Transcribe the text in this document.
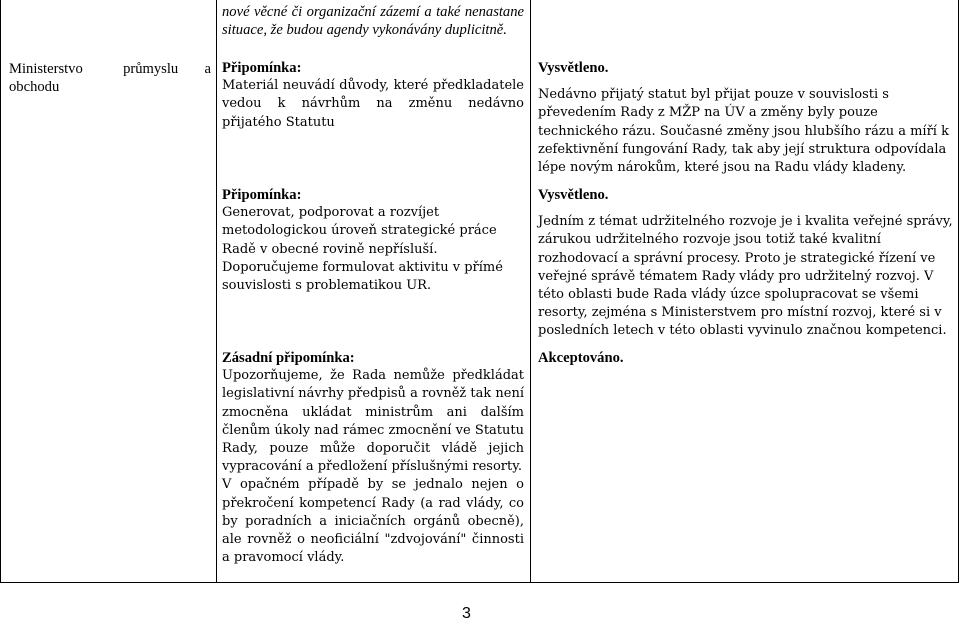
Ministerstvo	průmyslu a
obchodu
nové věcné či organizační zázemí a také nenastane situace, že budou agendy vykonávány duplicitně.

Připomínka:

Materiál neuvádí důvody, které předkladatele vedou k návrhům na změnu nedávno přijatého Statutu

Připomínka:

Generovat, podporovat a rozvíjet metodologickou úroveň strategické práce Radě v obecné rovině nepřísluší. Doporučujeme formulovat aktivitu v přímé souvislosti s problematikou UR.

Zásadní připomínka:

Upozorňujeme, že Rada nemůže předkládat legislativní návrhy předpisů a rovněž tak není zmocněna ukládat ministrům ani dalším členům úkoly nad rámec zmocnění ve Statutu Rady, pouze může doporučit vládě jejich vypracování a předložení příslušnými resorty.

V opačném případě by se jednalo nejen o překročení kompetencí Rady (a rad vlády, co by poradních a iniciačních orgánů obecně), ale rovněž o neoficiální "zdvojování" činnosti a pravomocí vlády.

Vysvětleno.

Nedávno přijatý statut byl přijat pouze v souvislosti s převedením Rady z MŽP na ÚV a změny byly pouze technického rázu. Současné změny jsou hlubšího rázu a míří k zefektivnění fungování Rady, tak aby její struktura odpovídala lépe novým nárokům, které jsou na Radu vlády kladeny.

Vysvětleno.

Jedním z témat udržitelného rozvoje je i kvalita veřejné správy, zárukou udržitelného rozvoje jsou totiž také kvalitní rozhodovací a správní procesy. Proto je strategické řízení ve veřejné správě tématem Rady vlády pro udržitelný rozvoj. V této oblasti bude Rada vlády úzce spolupracovat se všemi resorty, zejména s Ministerstvem pro místní rozvoj, které si v posledních letech v této oblasti vyvinulo značnou kompetenci.

Akceptováno.

3
